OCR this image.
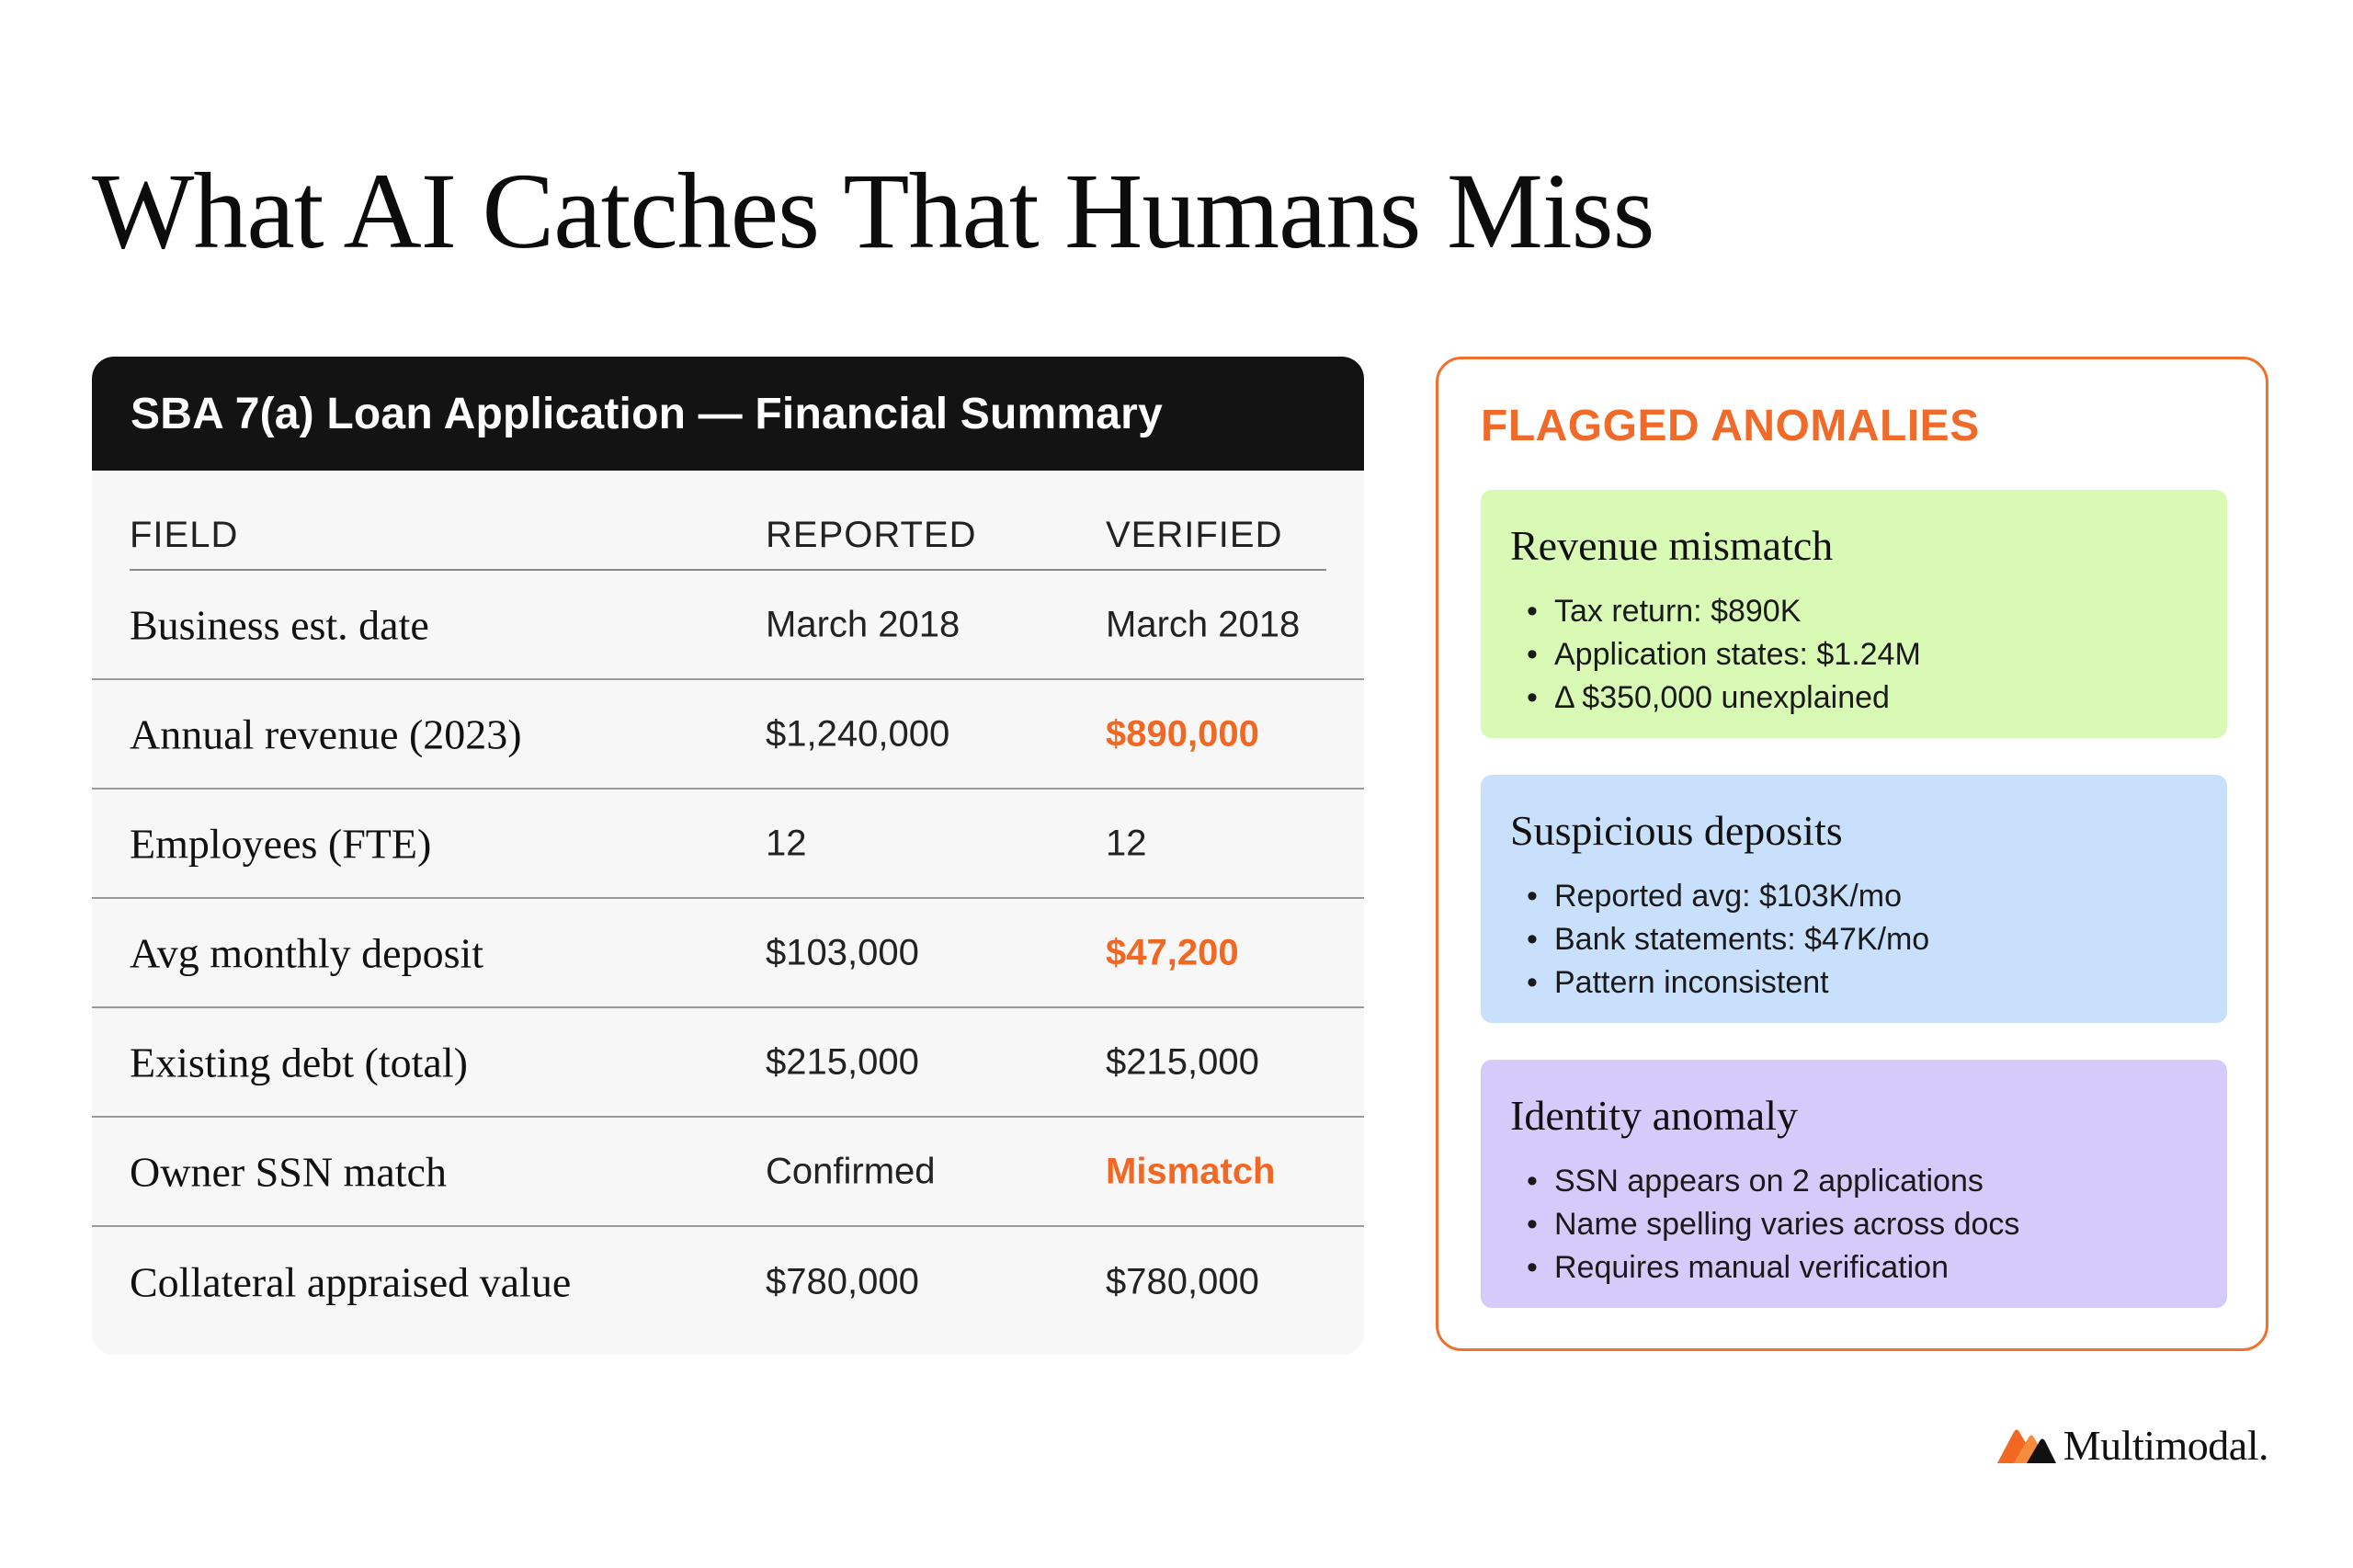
What AI Catches That Humans Miss
SBA 7(a) Loan Application — Financial Summary
FIELD	REPORTED	VERIFIED
Business est. date	March 2018	March 2018
Annual revenue (2023)	$1,240,000	$890,000
Employees (FTE)	12	12
Avg monthly deposit	$103,000	$47,200
Existing debt (total)	$215,000	$215,000
Owner SSN match	Confirmed	Mismatch
Collateral appraised value	$780,000	$780,000
FLAGGED ANOMALIES
Revenue mismatch
• Tax return: $890K
• Application states: $1.24M
• Δ $350,000 unexplained
Suspicious deposits
• Reported avg: $103K/mo
• Bank statements: $47K/mo
• Pattern inconsistent
Identity anomaly
• SSN appears on 2 applications
• Name spelling varies across docs
• Requires manual verification
Multimodal.
